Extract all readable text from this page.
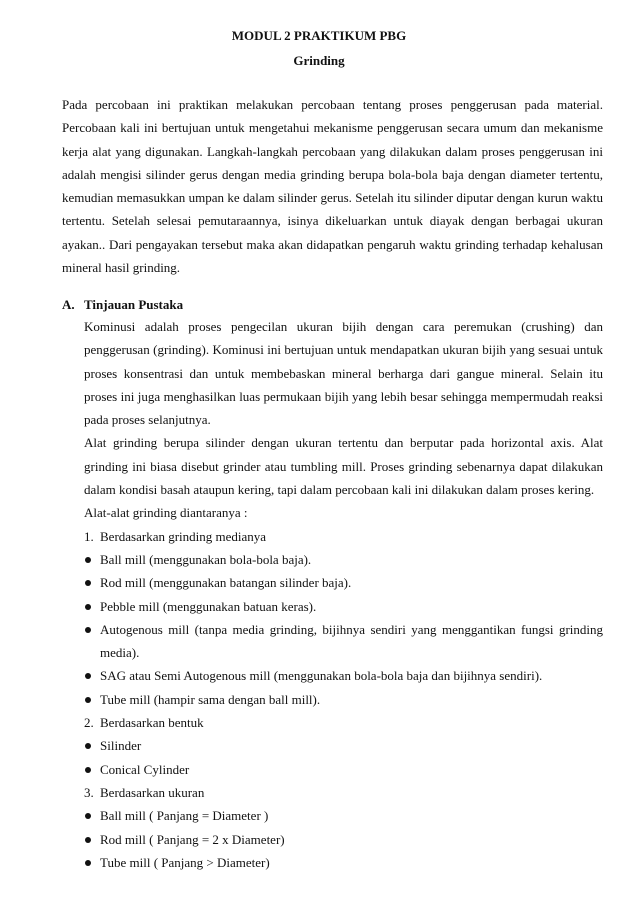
MODUL 2 PRAKTIKUM PBG
Grinding

Pada percobaan ini praktikan melakukan percobaan tentang proses penggerusan pada material. Percobaan kali ini bertujuan untuk mengetahui mekanisme penggerusan secara umum dan mekanisme kerja alat yang digunakan. Langkah-langkah percobaan yang dilakukan dalam proses penggerusan ini adalah mengisi silinder gerus dengan media grinding berupa bola-bola baja dengan diameter tertentu, kemudian memasukkan umpan ke dalam silinder gerus. Setelah itu silinder diputar dengan kurun waktu tertentu. Setelah selesai pemutaraannya, isinya dikeluarkan untuk diayak dengan berbagai ukuran ayakan.. Dari pengayakan tersebut maka akan didapatkan pengaruh waktu grinding terhadap kehalusan mineral hasil grinding.

A. Tinjauan Pustaka

Kominusi adalah proses pengecilan ukuran bijih dengan cara peremukan (crushing) dan penggerusan (grinding). Kominusi ini bertujuan untuk mendapatkan ukuran bijih yang sesuai untuk proses konsentrasi dan untuk membebaskan mineral berharga dari gangue mineral. Selain itu proses ini juga menghasilkan luas permukaan bijih yang lebih besar sehingga mempermudah reaksi pada proses selanjutnya.

Alat grinding berupa silinder dengan ukuran tertentu dan berputar pada horizontal axis. Alat grinding ini biasa disebut grinder atau tumbling mill. Proses grinding sebenarnya dapat dilakukan dalam kondisi basah ataupun kering, tapi dalam percobaan kali ini dilakukan dalam proses kering.

Alat-alat grinding diantaranya :

1. Berdasarkan grinding medianya
Ball mill (menggunakan bola-bola baja).
Rod mill (menggunakan batangan silinder baja).
Pebble mill (menggunakan batuan keras).
Autogenous mill (tanpa media grinding, bijihnya sendiri yang menggantikan fungsi grinding media).
SAG atau Semi Autogenous mill (menggunakan bola-bola baja dan bijihnya sendiri).
Tube mill (hampir sama dengan ball mill).
2. Berdasarkan bentuk
Silinder
Conical Cylinder
3. Berdasarkan ukuran
Ball mill ( Panjang = Diameter )
Rod mill ( Panjang = 2 x Diameter)
Tube mill ( Panjang > Diameter)
